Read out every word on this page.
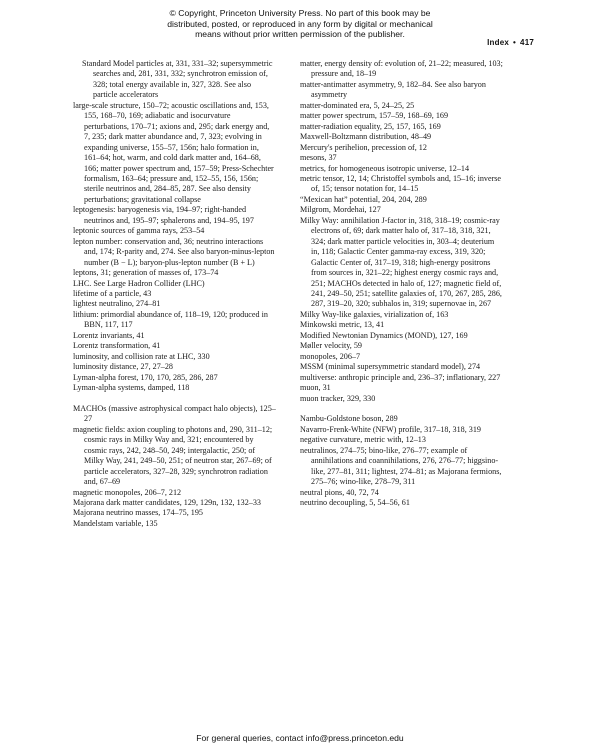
© Copyright, Princeton University Press. No part of this book may be
distributed, posted, or reproduced in any form by digital or mechanical
means without prior written permission of the publisher.
Index • 417
Standard Model particles at, 331, 331–32; supersymmetric searches and, 281, 331, 332; synchrotron emission of, 328; total energy available in, 327, 328. See also particle accelerators
large-scale structure, 150–72; acoustic oscillations and, 153, 155, 168–70, 169; adiabatic and isocurvature perturbations, 170–71; axions and, 295; dark energy and, 7, 235; dark matter abundance and, 7, 323; evolving in expanding universe, 155–57, 156n; halo formation in, 161–64; hot, warm, and cold dark matter and, 164–68, 166; matter power spectrum and, 157–59; Press-Schechter formalism, 163–64; pressure and, 152–55, 156, 156n; sterile neutrinos and, 284–85, 287. See also density perturbations; gravitational collapse
leptogenesis: baryogenesis via, 194–97; right-handed neutrinos and, 195–97; sphalerons and, 194–95, 197
leptonic sources of gamma rays, 253–54
lepton number: conservation and, 36; neutrino interactions and, 174; R-parity and, 274. See also baryon-minus-lepton number (B − L); baryon-plus-lepton number (B + L)
leptons, 31; generation of masses of, 173–74
LHC. See Large Hadron Collider (LHC)
lifetime of a particle, 43
lightest neutralino, 274–81
lithium: primordial abundance of, 118–19, 120; produced in BBN, 117, 117
Lorentz invariants, 41
Lorentz transformation, 41
luminosity, and collision rate at LHC, 330
luminosity distance, 27, 27–28
Lyman-alpha forest, 170, 170, 285, 286, 287
Lyman-alpha systems, damped, 118
MACHOs (massive astrophysical compact halo objects), 125–27
magnetic fields: axion coupling to photons and, 290, 311–12; cosmic rays in Milky Way and, 321; encountered by cosmic rays, 242, 248–50, 249; intergalactic, 250; of Milky Way, 241, 249–50, 251; of neutron star, 267–69; of particle accelerators, 327–28, 329; synchrotron radiation and, 67–69
magnetic monopoles, 206–7, 212
Majorana dark matter candidates, 129, 129n, 132, 132–33
Majorana neutrino masses, 174–75, 195
Mandelstam variable, 135
matter, energy density of: evolution of, 21–22; measured, 103; pressure and, 18–19
matter-antimatter asymmetry, 9, 182–84. See also baryon asymmetry
matter-dominated era, 5, 24–25, 25
matter power spectrum, 157–59, 168–69, 169
matter-radiation equality, 25, 157, 165, 169
Maxwell-Boltzmann distribution, 48–49
Mercury's perihelion, precession of, 12
mesons, 37
metrics, for homogeneous isotropic universe, 12–14
metric tensor, 12, 14; Christoffel symbols and, 15–16; inverse of, 15; tensor notation for, 14–15
“Mexican hat” potential, 204, 204, 289
Milgrom, Mordehai, 127
Milky Way: annihilation J-factor in, 318, 318–19; cosmic-ray electrons of, 69; dark matter halo of, 317–18, 318, 321, 324; dark matter particle velocities in, 303–4; deuterium in, 118; Galactic Center gamma-ray excess, 319, 320; Galactic Center of, 317–19, 318; high-energy positrons from sources in, 321–22; highest energy cosmic rays and, 251; MACHOs detected in halo of, 127; magnetic field of, 241, 249–50, 251; satellite galaxies of, 170, 267, 285, 286, 287, 319–20, 320; subhalos in, 319; supernovae in, 267
Milky Way-like galaxies, virialization of, 163
Minkowski metric, 13, 41
Modified Newtonian Dynamics (MOND), 127, 169
Møller velocity, 59
monopoles, 206–7
MSSM (minimal supersymmetric standard model), 274
multiverse: anthropic principle and, 236–37; inflationary, 227
muon, 31
muon tracker, 329, 330
Nambu-Goldstone boson, 289
Navarro-Frenk-White (NFW) profile, 317–18, 318, 319
negative curvature, metric with, 12–13
neutralinos, 274–75; bino-like, 276–77; example of annihilations and coannihilations, 276, 276–77; higgsino-like, 277–81, 311; lightest, 274–81; as Majorana fermions, 275–76; wino-like, 278–79, 311
neutral pions, 40, 72, 74
neutrino decoupling, 5, 54–56, 61
For general queries, contact info@press.princeton.edu
